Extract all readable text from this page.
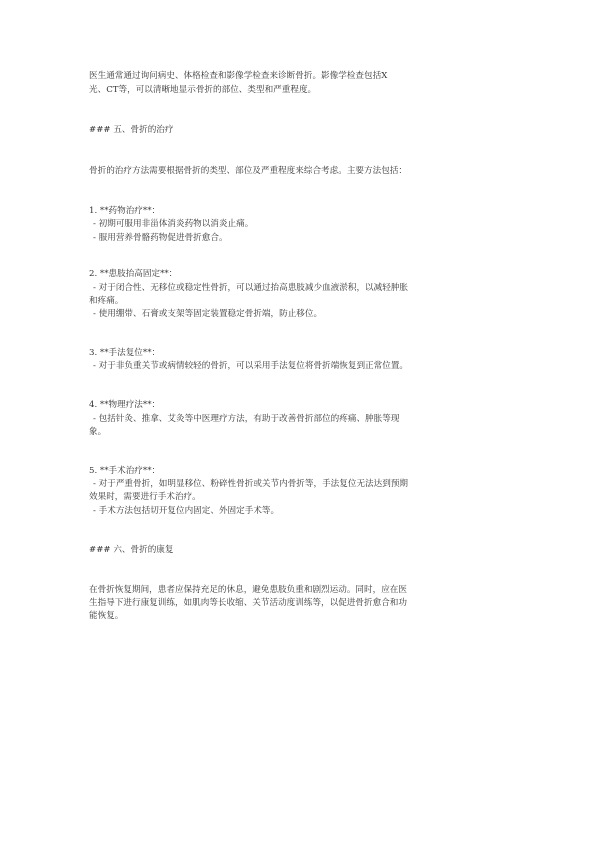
医生通常通过询问病史、体格检查和影像学检查来诊断骨折。影像学检查包括X
光、CT等，可以清晰地显示骨折的部位、类型和严重程度。
### 五、骨折的治疗
骨折的治疗方法需要根据骨折的类型、部位及严重程度来综合考虑。主要方法包括：
1. **药物治疗**：
- 初期可服用非甾体消炎药物以消炎止痛。
- 服用营养骨骼药物促进骨折愈合。
2. **患肢抬高固定**：
- 对于闭合性、无移位或稳定性骨折，可以通过抬高患肢减少血液淤积，以减轻肿胀
和疼痛。
- 使用绷带、石膏或支架等固定装置稳定骨折端，防止移位。
3. **手法复位**：
- 对于非负重关节或病情较轻的骨折，可以采用手法复位将骨折端恢复到正常位置。
4. **物理疗法**：
- 包括针灸、推拿、艾灸等中医理疗方法，有助于改善骨折部位的疼痛、肿胀等现
象。
5. **手术治疗**：
- 对于严重骨折，如明显移位、粉碎性骨折或关节内骨折等，手法复位无法达到预期
效果时，需要进行手术治疗。
- 手术方法包括切开复位内固定、外固定手术等。
### 六、骨折的康复
在骨折恢复期间，患者应保持充足的休息，避免患肢负重和剧烈运动。同时，应在医
生指导下进行康复训练，如肌肉等长收缩、关节活动度训练等，以促进骨折愈合和功
能恢复。
